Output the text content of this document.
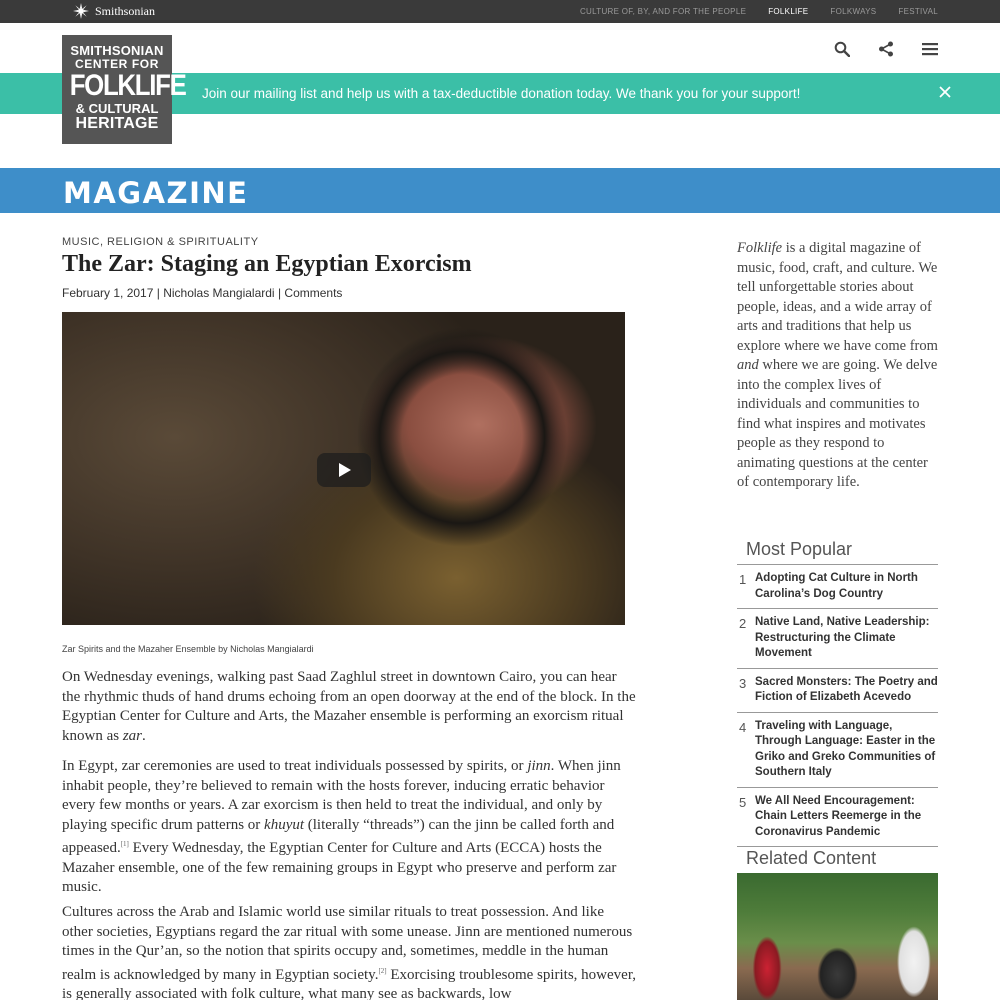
Smithsonian	CULTURE OF, BY, AND FOR THE PEOPLE	FOLKLIFE	FOLKWAYS	FESTIVAL
Join our mailing list and help us with a tax-deductible donation today. We thank you for your support!
SMITHSONIAN
CENTER FOR
FOLKLIFE
& CULTURAL
HERITAGE
MAGAZINE
MUSIC, RELIGION & SPIRITUALITY
The Zar: Staging an Egyptian Exorcism
February 1, 2017 | Nicholas Mangialardi | Comments
Zar Spirits and the Mazaher Ensemble by Nicholas Mangialardi

On Wednesday evenings, walking past Saad Zaghlul street in downtown Cairo, you can hear the rhythmic thuds of hand drums echoing from an open doorway at the end of the block. In the Egyptian Center for Culture and Arts, the Mazaher ensemble is performing an exorcism ritual known as zar.

In Egypt, zar ceremonies are used to treat individuals possessed by spirits, or jinn. When jinn inhabit people, they’re believed to remain with the hosts forever, inducing erratic behavior every few months or years. A zar exorcism is then held to treat the individual, and only by playing specific drum patterns or khuyut (literally “threads”) can the jinn be called forth and appeased.[1] Every Wednesday, the Egyptian Center for Culture and Arts (ECCA) hosts the Mazaher ensemble, one of the few remaining groups in Egypt who preserve and perform zar music.

Cultures across the Arab and Islamic world use similar rituals to treat possession. And like other societies, Egyptians regard the zar ritual with some unease. Jinn are mentioned numerous times in the Qur’an, so the notion that spirits occupy and, sometimes, meddle in the human realm is acknowledged by many in Egyptian society.[2] Exorcising troublesome spirits, however, is generally associated with folk culture, what many see as backwards, low

Folklife is a digital magazine of music, food, craft, and culture. We tell unforgettable stories about people, ideas, and a wide array of arts and traditions that help us explore where we have come from and where we are going. We delve into the complex lives of individuals and communities to find what inspires and motivates people as they respond to animating questions at the center of contemporary life.

Most Popular
1 Adopting Cat Culture in North Carolina’s Dog Country
2 Native Land, Native Leadership: Restructuring the Climate Movement
3 Sacred Monsters: The Poetry and Fiction of Elizabeth Acevedo
4 Traveling with Language, Through Language: Easter in the Griko and Greko Communities of Southern Italy
5 We All Need Encouragement: Chain Letters Reemerge in the Coronavirus Pandemic
Related Content
